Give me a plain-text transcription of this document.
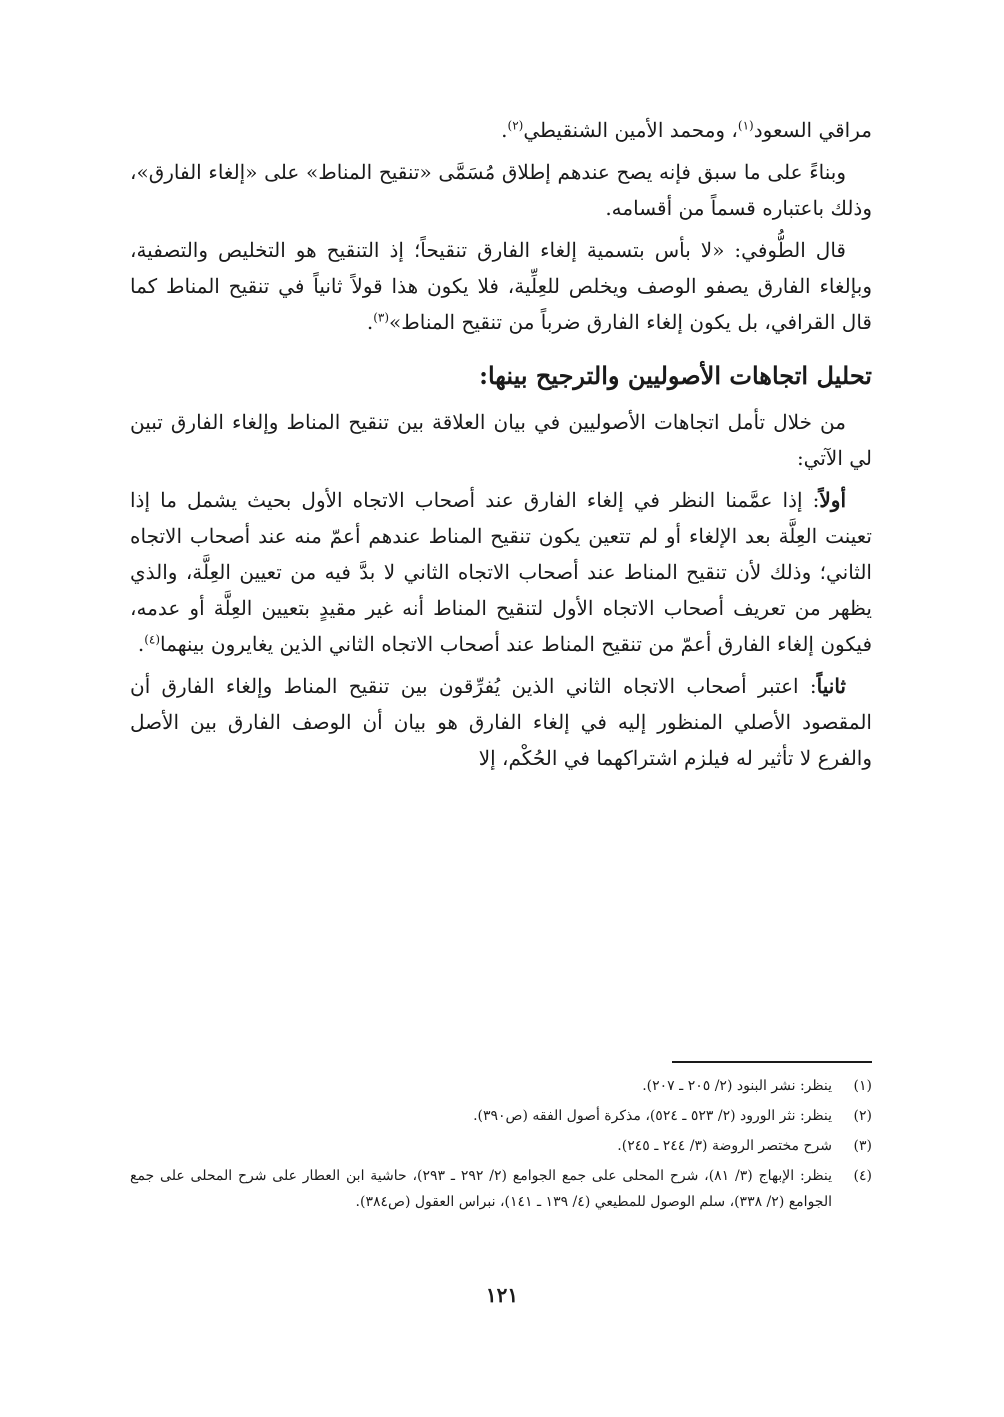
مراقي السعود$^{(١)}$، ومحمد الأمين الشنقيطي$^{(٢)}$.

وبناءً على ما سبق فإنه يصح عندهم إطلاق مُسَمَّى «تنقيح المناط» على «إلغاء الفارق»، وذلك باعتباره قسماً من أقسامه.

قال الطُّوفي: «لا بأس بتسمية إلغاء الفارق تنقيحاً؛ إذ التنقيح هو التخليص والتصفية، وبإلغاء الفارق يصفو الوصف ويخلص للعِلِّية، فلا يكون هذا قولاً ثانياً في تنقيح المناط كما قال القرافي، بل يكون إلغاء الفارق ضرباً من تنقيح المناط»$^{(٣)}$.

تحليل اتجاهات الأصوليين والترجيح بينها:

من خلال تأمل اتجاهات الأصوليين في بيان العلاقة بين تنقيح المناط وإلغاء الفارق تبين لي الآتي:

أولاً: إذا عمَّمنا النظر في إلغاء الفارق عند أصحاب الاتجاه الأول بحيث يشمل ما إذا تعينت العِلَّة بعد الإلغاء أو لم تتعين يكون تنقيح المناط عندهم أعمّ منه عند أصحاب الاتجاه الثاني؛ وذلك لأن تنقيح المناط عند أصحاب الاتجاه الثاني لا بدَّ فيه من تعيين العِلَّة، والذي يظهر من تعريف أصحاب الاتجاه الأول لتنقيح المناط أنه غير مقيدٍ بتعيين العِلَّة أو عدمه، فيكون إلغاء الفارق أعمّ من تنقيح المناط عند أصحاب الاتجاه الثاني الذين يغايرون بينهما$^{(٤)}$.

ثانياً: اعتبر أصحاب الاتجاه الثاني الذين يُفرِّقون بين تنقيح المناط وإلغاء الفارق أن المقصود الأصلي المنظور إليه في إلغاء الفارق هو بيان أن الوصف الفارق بين الأصل والفرع لا تأثير له فيلزم اشتراكهما في الحُكْم، إلا

(١)
ينظر: نشر البنود (٢/ ٢٠٥ ـ ٢٠٧).
(٢)
ينظر: نثر الورود (٢/ ٥٢٣ ـ ٥٢٤)، مذكرة أصول الفقه (ص٣٩٠).
(٣)
شرح مختصر الروضة (٣/ ٢٤٤ ـ ٢٤٥).
(٤)
ينظر: الإبهاج (٣/ ٨١)، شرح المحلى على جمع الجوامع (٢/ ٢٩٢ ـ ٢٩٣)، حاشية ابن العطار على شرح المحلى على جمع الجوامع (٢/ ٣٣٨)، سلم الوصول للمطيعي (٤/ ١٣٩ ـ ١٤١)، نبراس العقول (ص٣٨٤).
١٢١
